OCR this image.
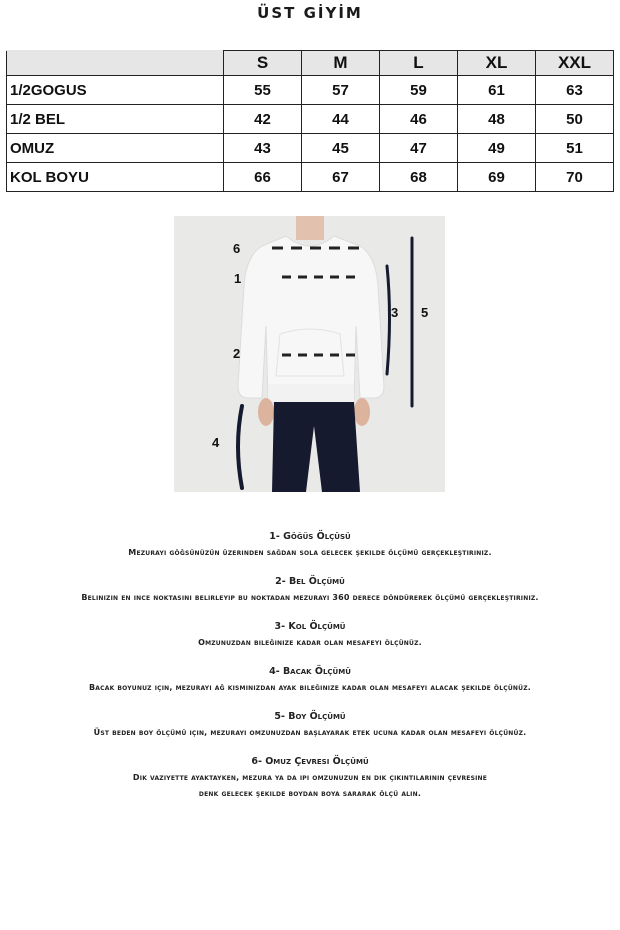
ÜST GİYİM
	S	M	L	XL	XXL
1/2GOGUS	55	57	59	61	63
1/2 BEL	42	44	46	48	50
OMUZ	43	45	47	49	51
KOL BOYU	66	67	68	69	70
6
1
2
3
4
5
1- Göğüs Ölçüsü
Mezurayı göğsünüzün üzerinden sağdan sola gelecek şekilde ölçümü gerçekleştiriniz.
2- Bel Ölçümü
Belinizin en ince noktasını belirleyip bu noktadan mezurayı 360 derece döndürerek ölçümü gerçekleştiriniz.
3- Kol Ölçümü
Omzunuzdan bileğinize kadar olan mesafeyi ölçünüz.
4- Bacak Ölçümü
Bacak boyunuz için, mezurayı ağ kısmınızdan ayak bileğinize kadar olan mesafeyi alacak şekilde ölçünüz.
5- Boy Ölçümü
Üst beden boy ölçümü için, mezurayı omzunuzdan başlayarak etek ucuna kadar olan mesafeyi ölçünüz.
6- Omuz Çevresi Ölçümü
Dik vaziyette ayaktayken, mezura ya da ipi omzunuzun en dik çıkıntılarının çevresine
denk gelecek şekilde boydan boya sararak ölçü alın.
